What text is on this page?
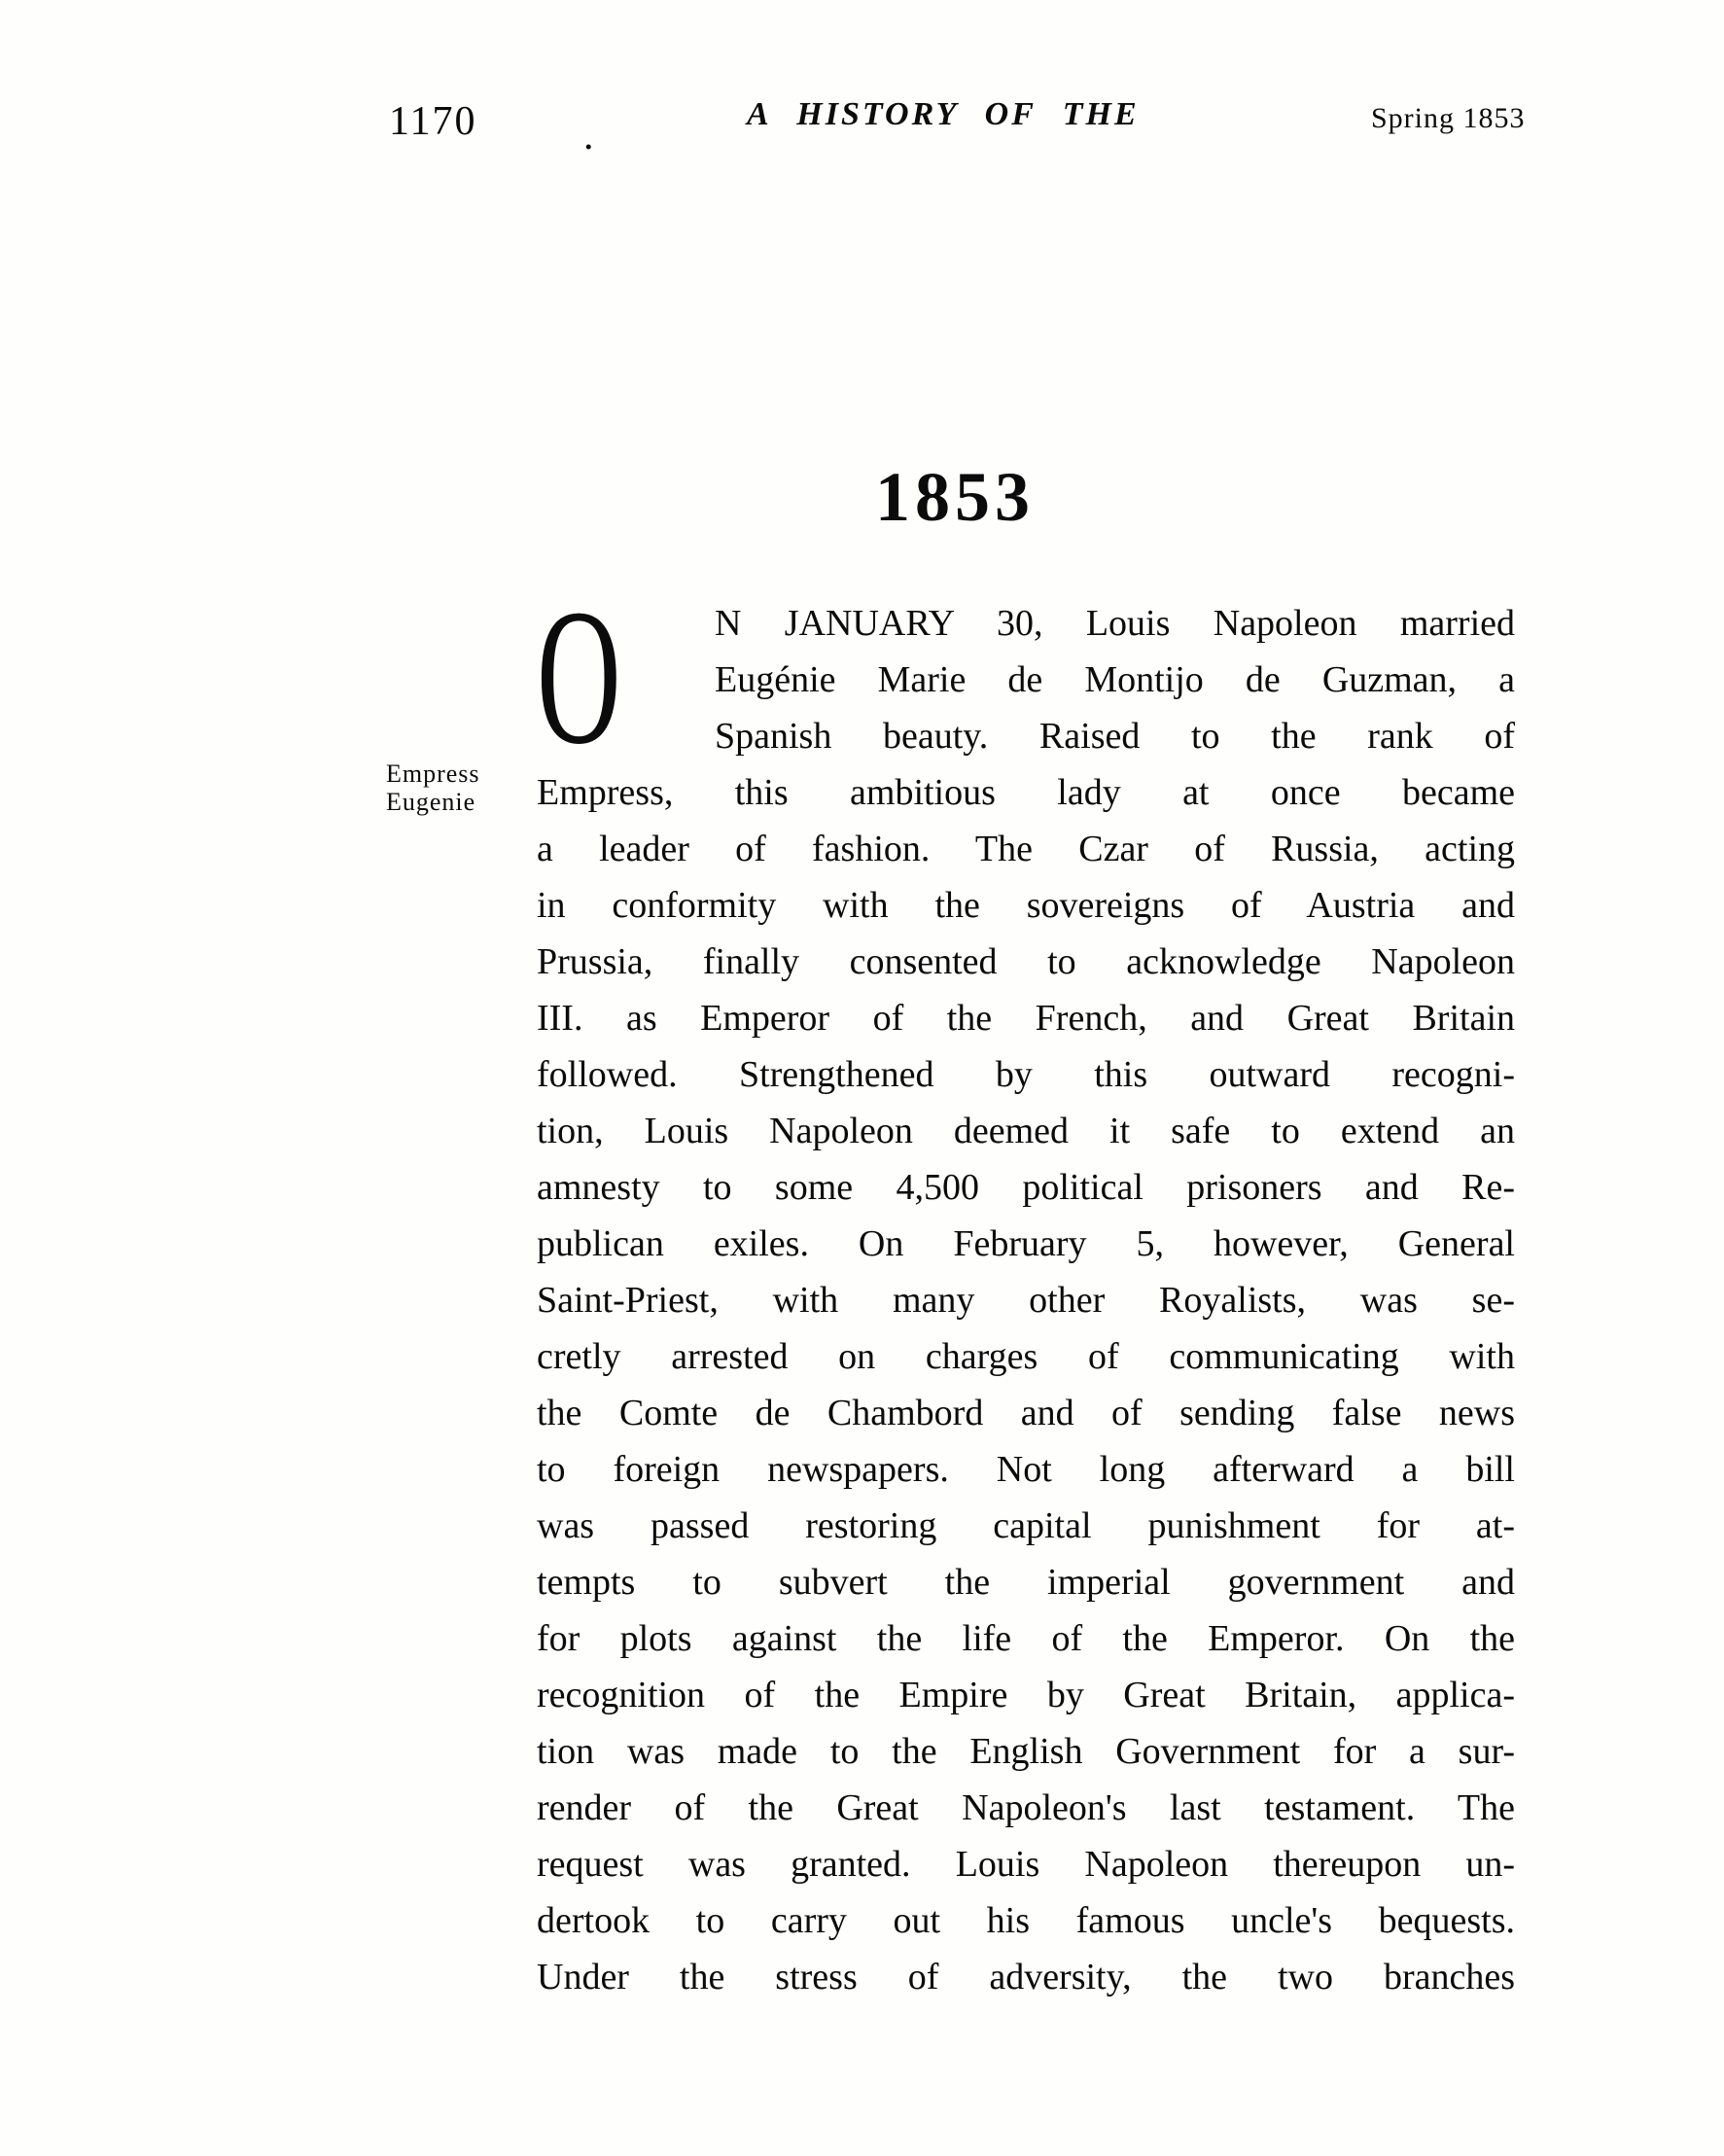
1170	.	A HISTORY OF THE	Spring 1853
1853
Empress
Eugenie
O	N JANUARY 30, Louis Napoleon married
Eugénie Marie de Montijo de Guzman, a
Spanish beauty. Raised to the rank of
Empress, this ambitious lady at once became
a leader of fashion. The Czar of Russia, acting
in conformity with the sovereigns of Austria and
Prussia, finally consented to acknowledge Napoleon
III. as Emperor of the French, and Great Britain
followed. Strengthened by this outward recogni-
tion, Louis Napoleon deemed it safe to extend an
amnesty to some 4,500 political prisoners and Re-
publican exiles. On February 5, however, General
Saint-Priest, with many other Royalists, was se-
cretly arrested on charges of communicating with
the Comte de Chambord and of sending false news
to foreign newspapers. Not long afterward a bill
was passed restoring capital punishment for at-
tempts to subvert the imperial government and
for plots against the life of the Emperor. On the
recognition of the Empire by Great Britain, applica-
tion was made to the English Government for a sur-
render of the Great Napoleon's last testament. The
request was granted. Louis Napoleon thereupon un-
dertook to carry out his famous uncle's bequests.
Under the stress of adversity, the two branches
